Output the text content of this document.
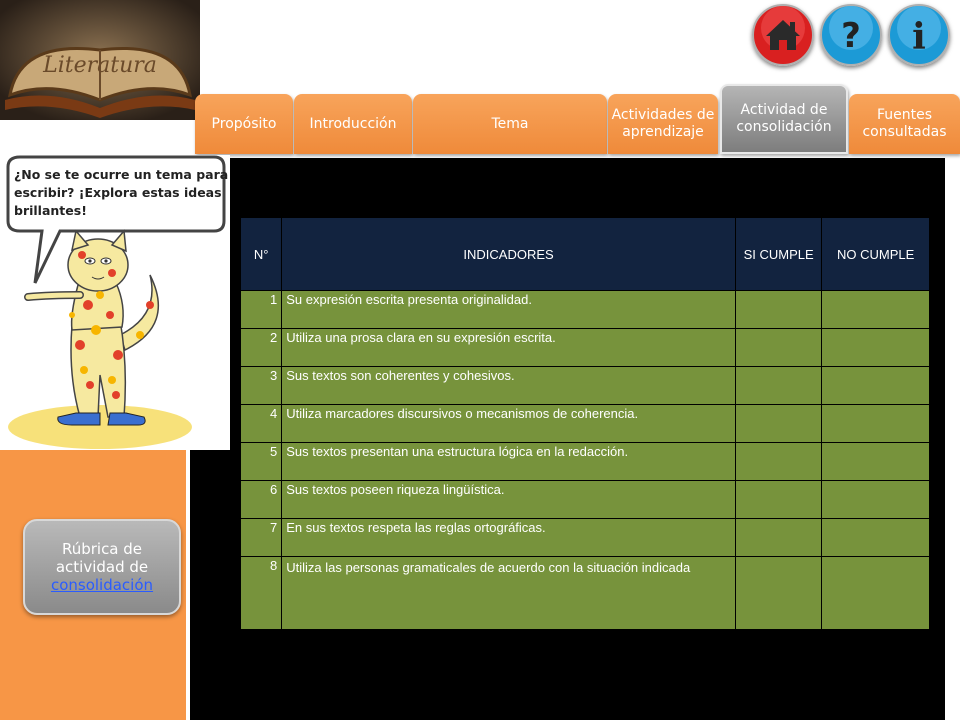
Literatura
? i
Propósito Introducción	Tema
Actividades de aprendizaje
Actividad de consolidación
Fuentes consultadas
¿No se te ocurre un tema para escribir? ¡Explora estas ideas brillantes!
Rúbrica de
actividad de
consolidación
N°	INDICADORES	SI CUMPLE	NO CUMPLE
1	Su expresión escrita presenta originalidad.		
2	Utiliza una prosa clara en su expresión escrita.		
3	Sus textos son coherentes y cohesivos.		
4	Utiliza marcadores discursivos o mecanismos de coherencia.		
5	Sus textos presentan una estructura lógica en la redacción.		
6	Sus textos poseen riqueza lingüística.		
7	En sus textos respeta las reglas ortográficas.		
8	Utiliza las personas gramaticales de acuerdo con la situación indicada		
